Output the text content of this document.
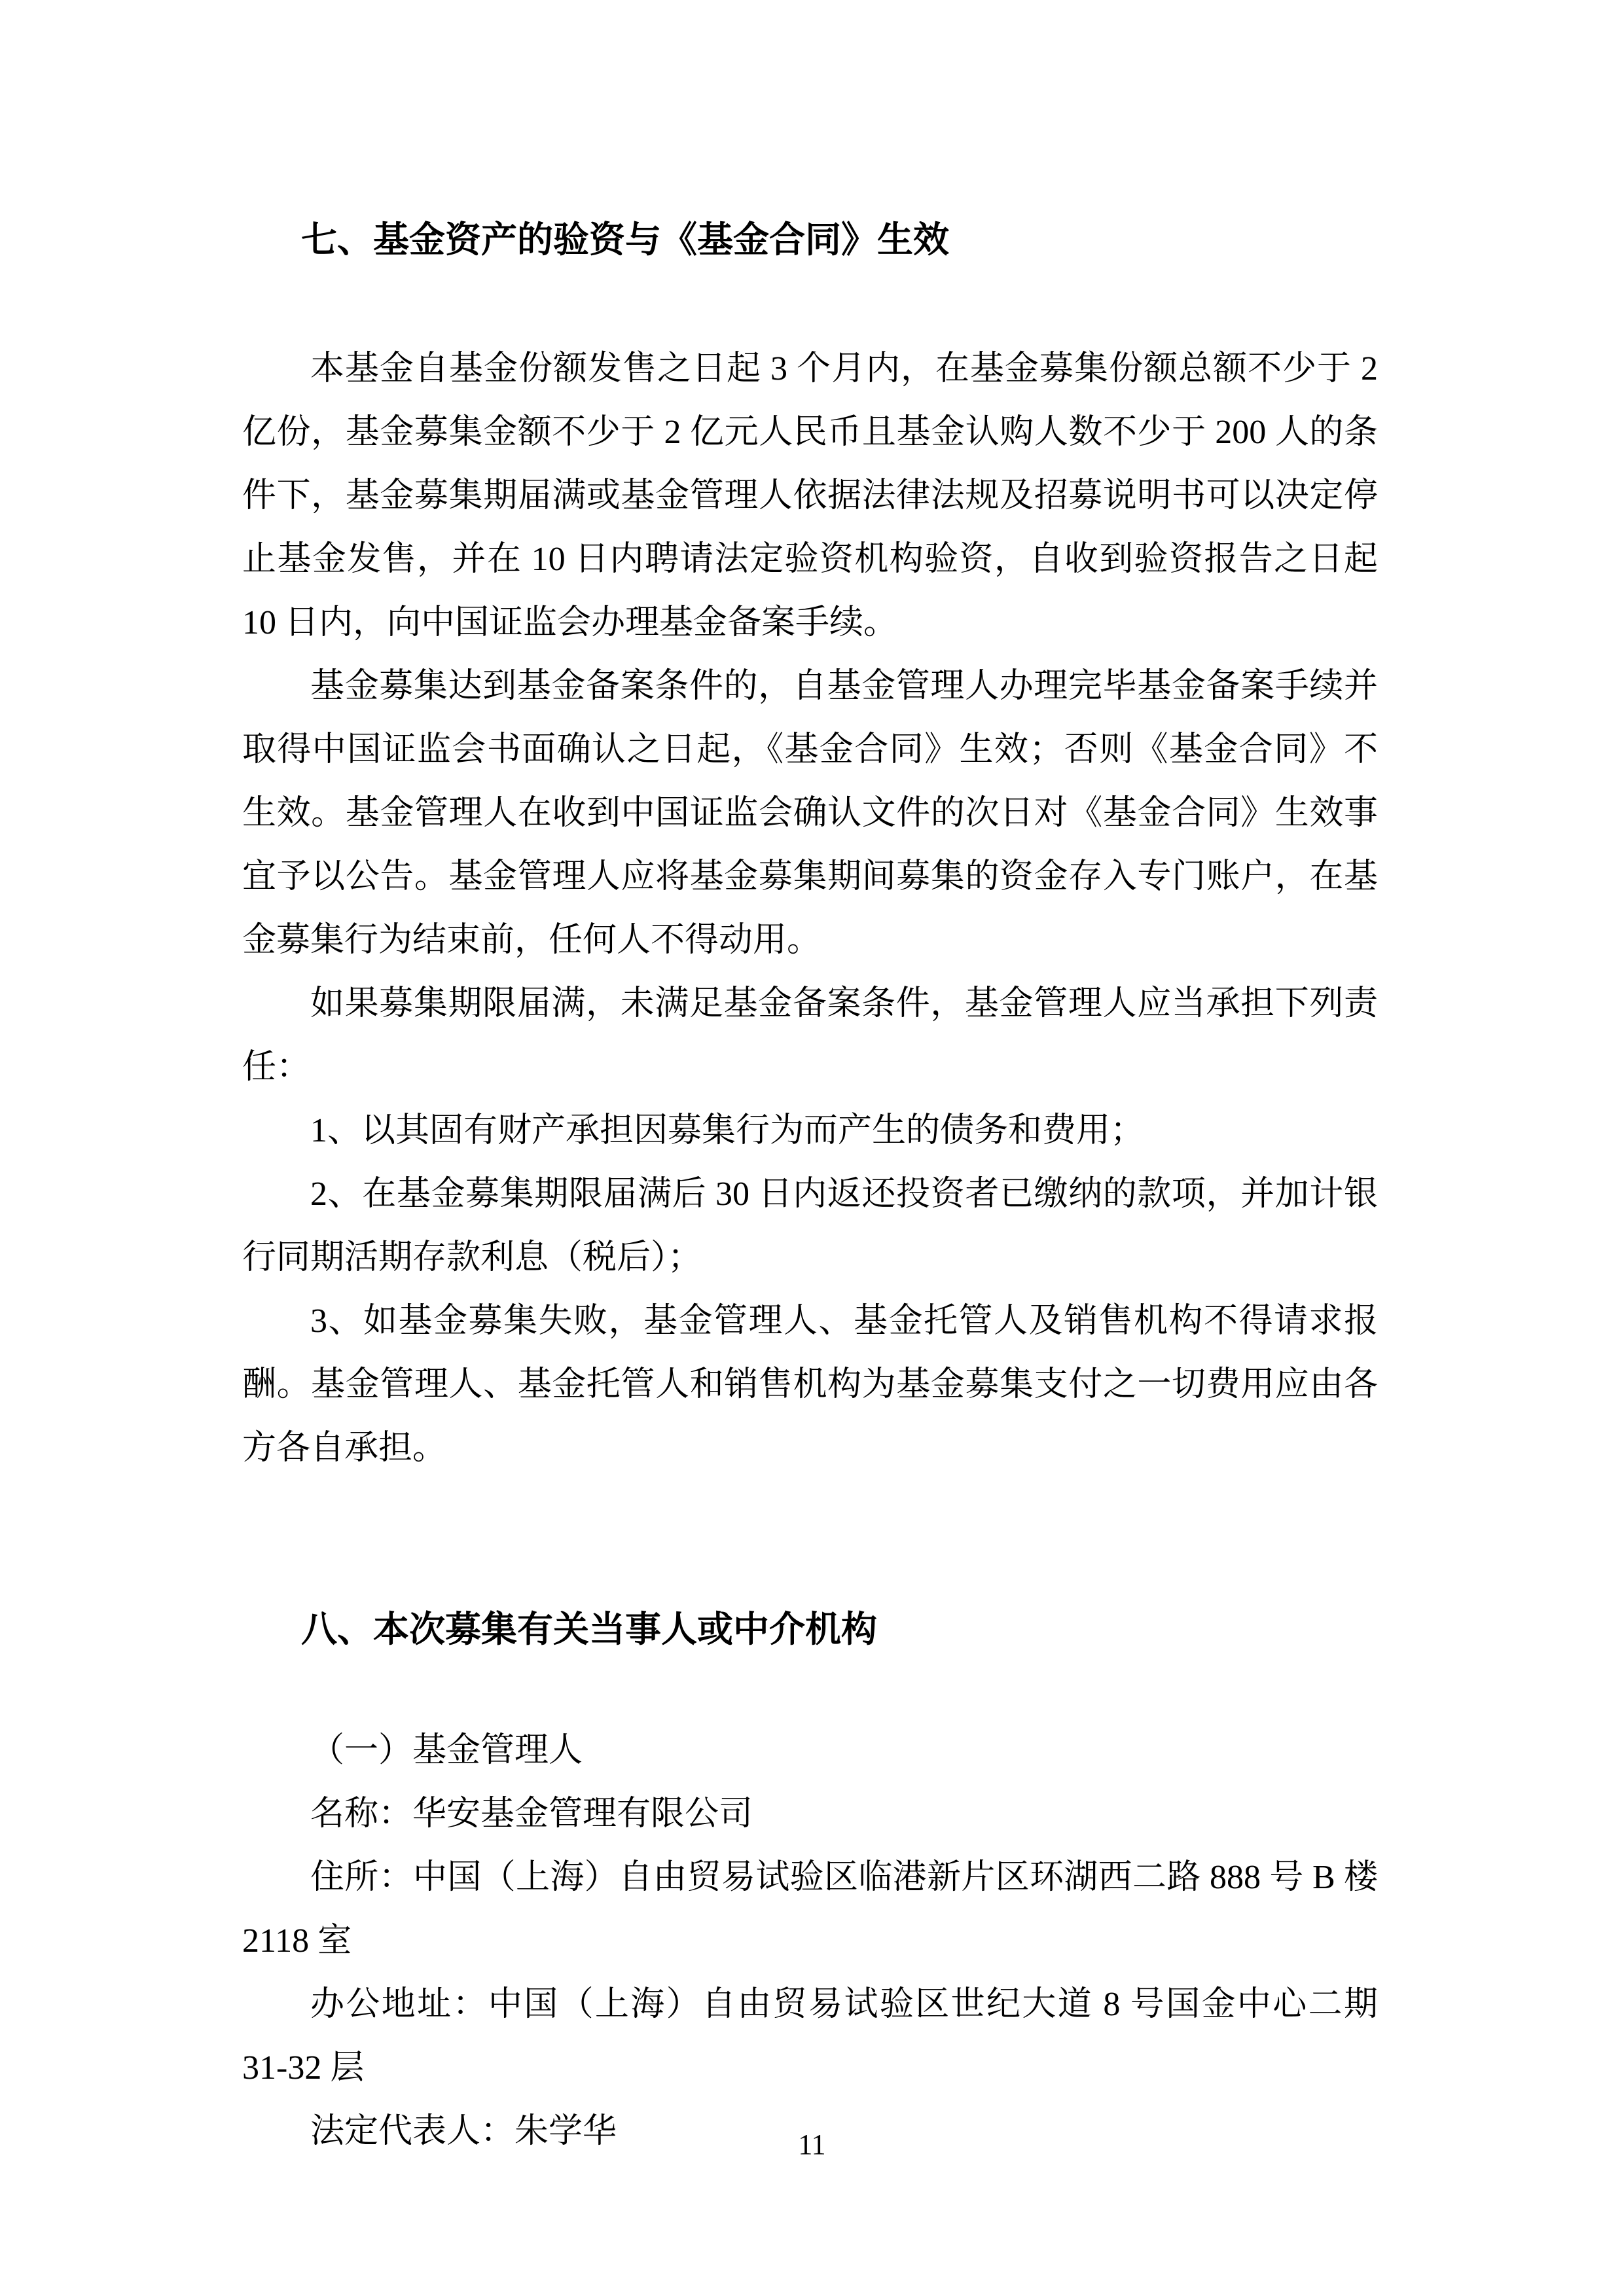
七、基金资产的验资与《基金合同》生效

本基金自基金份额发售之日起 3 个月内，在基金募集份额总额不少于 2 亿份，基金募集金额不少于 2 亿元人民币且基金认购人数不少于 200 人的条件下，基金募集期届满或基金管理人依据法律法规及招募说明书可以决定停止基金发售，并在 10 日内聘请法定验资机构验资，自收到验资报告之日起 10 日内，向中国证监会办理基金备案手续。

基金募集达到基金备案条件的，自基金管理人办理完毕基金备案手续并取得中国证监会书面确认之日起，《基金合同》生效；否则《基金合同》不生效。基金管理人在收到中国证监会确认文件的次日对《基金合同》生效事宜予以公告。基金管理人应将基金募集期间募集的资金存入专门账户，在基金募集行为结束前，任何人不得动用。

如果募集期限届满，未满足基金备案条件，基金管理人应当承担下列责任：

1、以其固有财产承担因募集行为而产生的债务和费用；

2、在基金募集期限届满后 30 日内返还投资者已缴纳的款项，并加计银行同期活期存款利息（税后）；

3、如基金募集失败，基金管理人、基金托管人及销售机构不得请求报酬。基金管理人、基金托管人和销售机构为基金募集支付之一切费用应由各方各自承担。

八、本次募集有关当事人或中介机构

（一）基金管理人

名称：华安基金管理有限公司

住所：中国（上海）自由贸易试验区临港新片区环湖西二路 888 号 B 楼 2118 室

办公地址：中国（上海）自由贸易试验区世纪大道 8 号国金中心二期 31-32 层

法定代表人：朱学华	11
